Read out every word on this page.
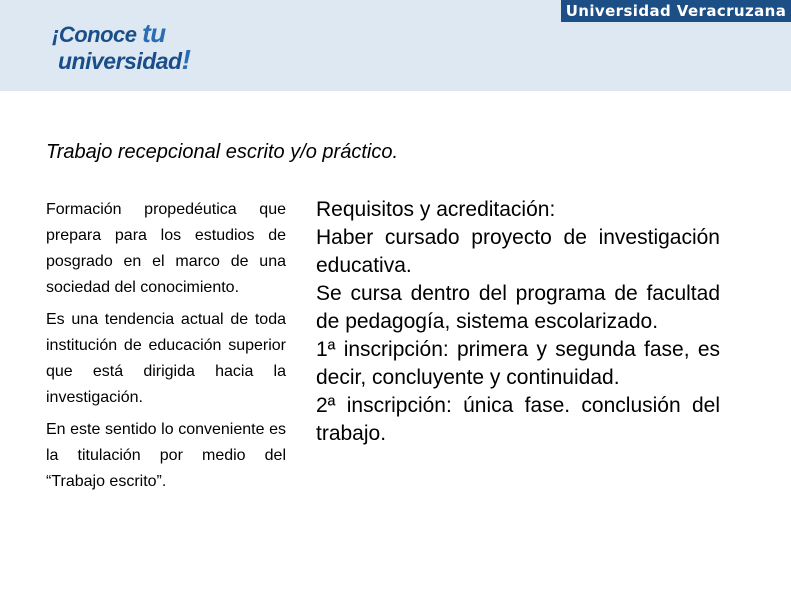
¡Conoce tu
universidad!
Universidad Veracruzana
Trabajo recepcional escrito y/o práctico.

Formación propedéutica que prepara para los estudios de posgrado en el marco de una sociedad del conocimiento.

Es una tendencia actual de toda institución de educación superior que está dirigida hacia la investigación.

En este sentido lo conveniente es la titulación por medio del “Trabajo escrito”.

Requisitos y acreditación:

Haber cursado proyecto de investigación educativa.

Se cursa dentro del programa de facultad de pedagogía, sistema escolarizado.

1ª inscripción: primera y segunda fase, es decir, concluyente y continuidad.

2ª inscripción: única fase. conclusión del trabajo.
